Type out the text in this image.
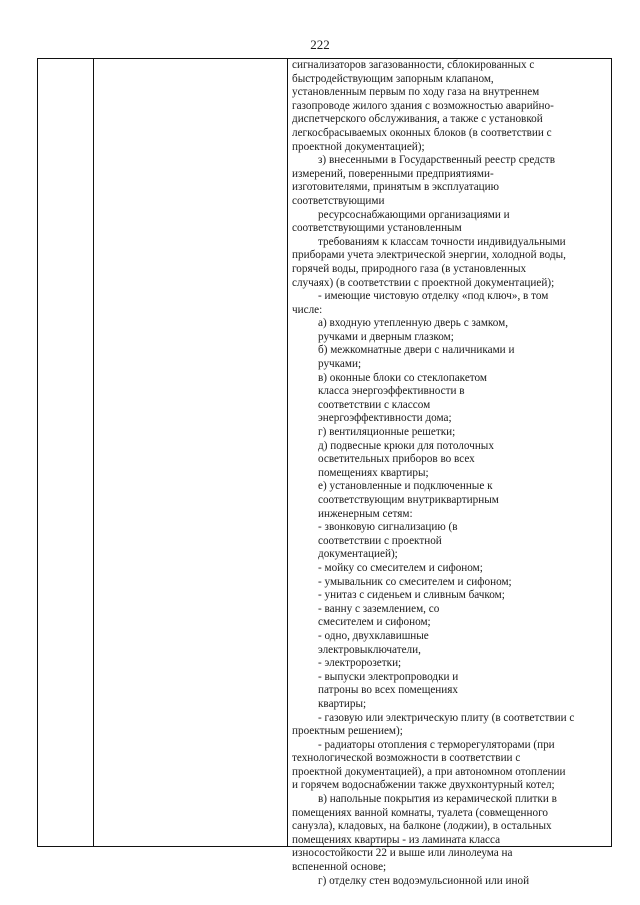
222
сигнализаторов загазованности, сблокированных с
быстродействующим запорным клапаном,
установленным первым по ходу газа на внутреннем
газопроводе жилого здания с возможностью аварийно-
диспетчерского обслуживания, а также с установкой
легкосбрасываемых оконных блоков (в соответствии с
проектной документацией);
з) внесенными в Государственный реестр средств
измерений, поверенными предприятиями-
изготовителями, принятым в эксплуатацию
соответствующими
ресурсоснабжающими организациями и
соответствующими установленным
требованиям к классам точности индивидуальными
приборами учета электрической энергии, холодной воды,
горячей воды, природного газа (в установленных
случаях) (в соответствии с проектной документацией);
- имеющие чистовую отделку «под ключ», в том
числе:
а) входную утепленную дверь с замком,
ручками и дверным глазком;
б) межкомнатные двери с наличниками и
ручками;
в) оконные блоки со стеклопакетом
класса энергоэффективности в
соответствии с классом
энергоэффективности дома;
г) вентиляционные решетки;
д) подвесные крюки для потолочных
осветительных приборов во всех
помещениях квартиры;
е) установленные и подключенные к
соответствующим внутриквартирным
инженерным сетям:
- звонковую сигнализацию (в
соответствии с проектной
документацией);
- мойку со смесителем и сифоном;
- умывальник со смесителем и сифоном;
- унитаз с сиденьем и сливным бачком;
- ванну с заземлением, со
смесителем и сифоном;
- одно, двухклавишные
электровыключатели,
- электророзетки;
- выпуски электропроводки и
патроны во всех помещениях
квартиры;
- газовую или электрическую плиту (в соответствии с
проектным решением);
- радиаторы отопления с терморегуляторами (при
технологической возможности в соответствии с
проектной документацией), а при автономном отоплении
и горячем водоснабжении также двухконтурный котел;
в) напольные покрытия из керамической плитки в
помещениях ванной комнаты, туалета (совмещенного
санузла), кладовых, на балконе (лоджии), в остальных
помещениях квартиры - из ламината класса
износостойкости 22 и выше или линолеума на
вспененной основе;
г) отделку стен водоэмульсионной или иной
